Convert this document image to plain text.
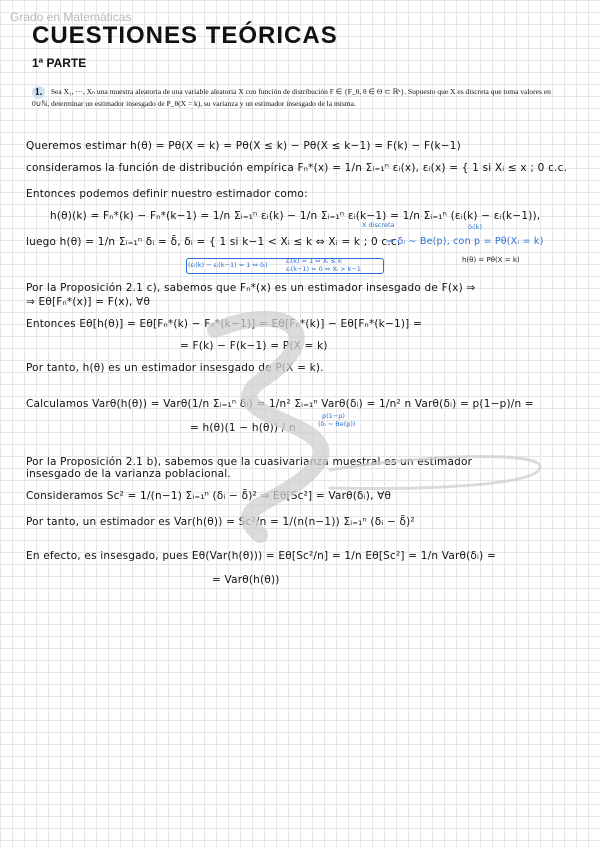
Grado en Matemáticas
CUESTIONES TEÓRICAS
1ª PARTE
1. Sea X₁, ···, Xₙ una muestra aleatoria de una variable aleatoria X con función de distribución F ∈ {F_θ, θ ∈ Θ ⊂ ℝᵏ}. Supuesto que X es discreta que toma valores en 0∪ℕ, determinar un estimador insesgado de P_θ(X = k), su varianza y un estimador insesgado de la misma.
Queremos estimar h(θ) = Pθ(X = k) = Pθ(X ≤ k) − Pθ(X ≤ k−1) = F(k) − F(k−1)
consideramos la función de distribución empírica Fₙ*(x) = 1/n Σᵢ₌₁ⁿ εᵢ(x), εᵢ(x) = { 1 si Xᵢ ≤ x ; 0 c.c.
Entonces podemos definir nuestro estimador como:
h(θ)(k) = Fₙ*(k) − Fₙ*(k−1) = 1/n Σᵢ₌₁ⁿ εᵢ(k) − 1/n Σᵢ₌₁ⁿ εᵢ(k−1) = 1/n Σᵢ₌₁ⁿ (εᵢ(k) − εᵢ(k−1)),
X discreta	δᵢ(k)
luego h(θ) = 1/n Σᵢ₌₁ⁿ δᵢ = δ̄, δᵢ = { 1 si k−1 < Xᵢ ≤ k ⇔ Xᵢ = k ; 0 c.c.
⇒ δᵢ ∼ Be(p), con p = Pθ(Xᵢ = k)
h(θ) = Pθ(X = k)
(εᵢ(k) − εᵢ(k−1) = 1 ⇔ δᵢ)	εᵢ(k) = 1 ⇔ Xᵢ ≤ k
εᵢ(k−1) = 0 ⇔ Xᵢ > k−1
Por la Proposición 2.1 c), sabemos que Fₙ*(x) es un estimador insesgado de F(x) ⇒
⇒ Eθ[Fₙ*(x)] = F(x), ∀θ
Entonces Eθ[h(θ)] = Eθ[Fₙ*(k) − Fₙ*(k−1)] = Eθ[Fₙ*(k)] − Eθ[Fₙ*(k−1)] =
= F(k) − F(k−1) = P(X = k)
Por tanto, h(θ) es un estimador insesgado de P(X = k).
Calculamos Varθ(h(θ)) = Varθ(1/n Σᵢ₌₁ⁿ δᵢ) = 1/n² Σᵢ₌₁ⁿ Varθ(δᵢ) = 1/n² n Varθ(δᵢ) = p(1−p)/n =
p(1−p)
(δᵢ ∼ Be(p))
= h(θ)(1 − h(θ)) / n
Por la Proposición 2.1 b), sabemos que la cuasivarianza muestral es un estimador
insesgado de la varianza poblacional.
Consideramos Sc² = 1/(n−1) Σᵢ₌₁ⁿ (δᵢ − δ̄)² ⇒ Eθ[Sc²] = Varθ(δᵢ), ∀θ
Por tanto, un estimador es Var(h(θ)) = Sc²/n = 1/(n(n−1)) Σᵢ₌₁ⁿ (δᵢ − δ̄)²
En efecto, es insesgado, pues Eθ(Var(h(θ))) = Eθ[Sc²/n] = 1/n Eθ[Sc²] = 1/n Varθ(δᵢ) =
= Varθ(h(θ))
